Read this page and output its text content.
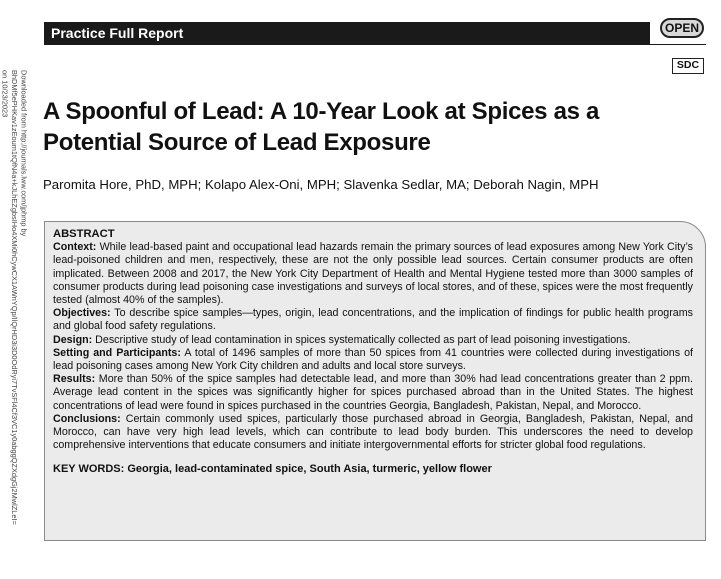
Downloaded from http://journals.lww.com/jphmp by BhDMf5ePHKav1zEoum1tQfN4a+kJLhEZgbsIHo4XMi0hCywCX1AWnYQp/IlQrHD3i3D0OdRyi7TvSFl4Cf3VC1y0abggQZXdgGj2MwlZLeI= on 10/23/2023
Practice Full Report	OPEN
SDC
A Spoonful of Lead: A 10-Year Look at Spices as a Potential Source of Lead Exposure
Paromita Hore, PhD, MPH; Kolapo Alex-Oni, MPH; Slavenka Sedlar, MA; Deborah Nagin, MPH

ABSTRACT

Context: While lead-based paint and occupational lead hazards remain the primary sources of lead exposures among New York City’s lead-poisoned children and men, respectively, these are not the only possible lead sources. Certain consumer products are often implicated. Between 2008 and 2017, the New York City Department of Health and Mental Hygiene tested more than 3000 samples of consumer products during lead poisoning case investigations and surveys of local stores, and of these, spices were the most frequently tested (almost 40% of the samples).

Objectives: To describe spice samples—types, origin, lead concentrations, and the implication of findings for public health programs and global food safety regulations.

Design: Descriptive study of lead contamination in spices systematically collected as part of lead poisoning investigations.

Setting and Participants: A total of 1496 samples of more than 50 spices from 41 countries were collected during investigations of lead poisoning cases among New York City children and adults and local store surveys.

Results: More than 50% of the spice samples had detectable lead, and more than 30% had lead concentrations greater than 2 ppm. Average lead content in the spices was significantly higher for spices purchased abroad than in the United States. The highest concentrations of lead were found in spices purchased in the countries Georgia, Bangladesh, Pakistan, Nepal, and Morocco.

Conclusions: Certain commonly used spices, particularly those purchased abroad in Georgia, Bangladesh, Pakistan, Nepal, and Morocco, can have very high lead levels, which can contribute to lead body burden. This underscores the need to develop comprehensive interventions that educate consumers and initiate intergovernmental efforts for stricter global food regulations.

KEY WORDS: Georgia, lead-contaminated spice, South Asia, turmeric, yellow flower
